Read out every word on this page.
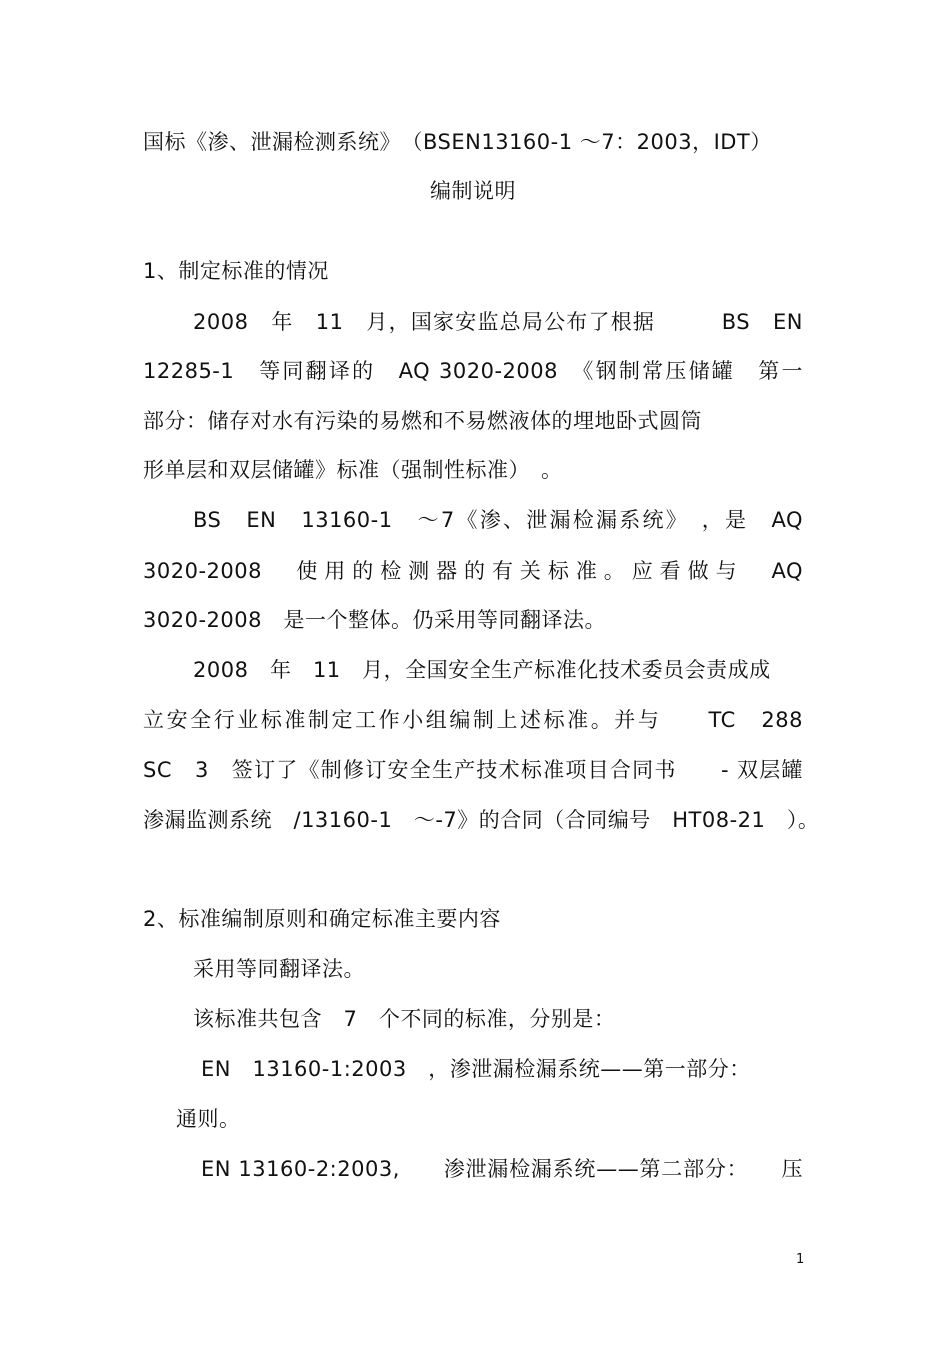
国标《渗、泄漏检测系统》　（BSEN13160-1 ～7：2003，IDT）
编制说明
1、制定标准的情况
2008　年　11　月，国家安监总局公布了根据　　　BS　EN
12285-1　等同翻译的　AQ 3020-2008　《钢制常压储罐　第一
部分：储存对水有污染的易燃和不易燃液体的埋地卧式圆筒
形单层和双层储罐》标准（强制性标准）　。
BS　EN　13160-1　～7《渗、泄漏检漏系统》　，是　AQ
3020-2008　使用的检测器的有关标准。应看做与　AQ
3020-2008　是一个整体。仍采用等同翻译法。
2008　年　11　月，全国安全生产标准化技术委员会责成成
立安全行业标准制定工作小组编制上述标准。并与　　TC　288
SC　3　签订了《制修订安全生产技术标准项目合同书　　- 双层罐
渗漏监测系统　/13160-1　～-7》的合同（合同编号　HT08-21　）。
2、标准编制原则和确定标准主要内容
采用等同翻译法。
该标准共包含　7　个不同的标准，分别是：
EN　13160-1:2003　，渗泄漏检漏系统——第一部分：
通则。
EN 13160-2:2003,　　渗泄漏检漏系统——第二部分：　　压
1
